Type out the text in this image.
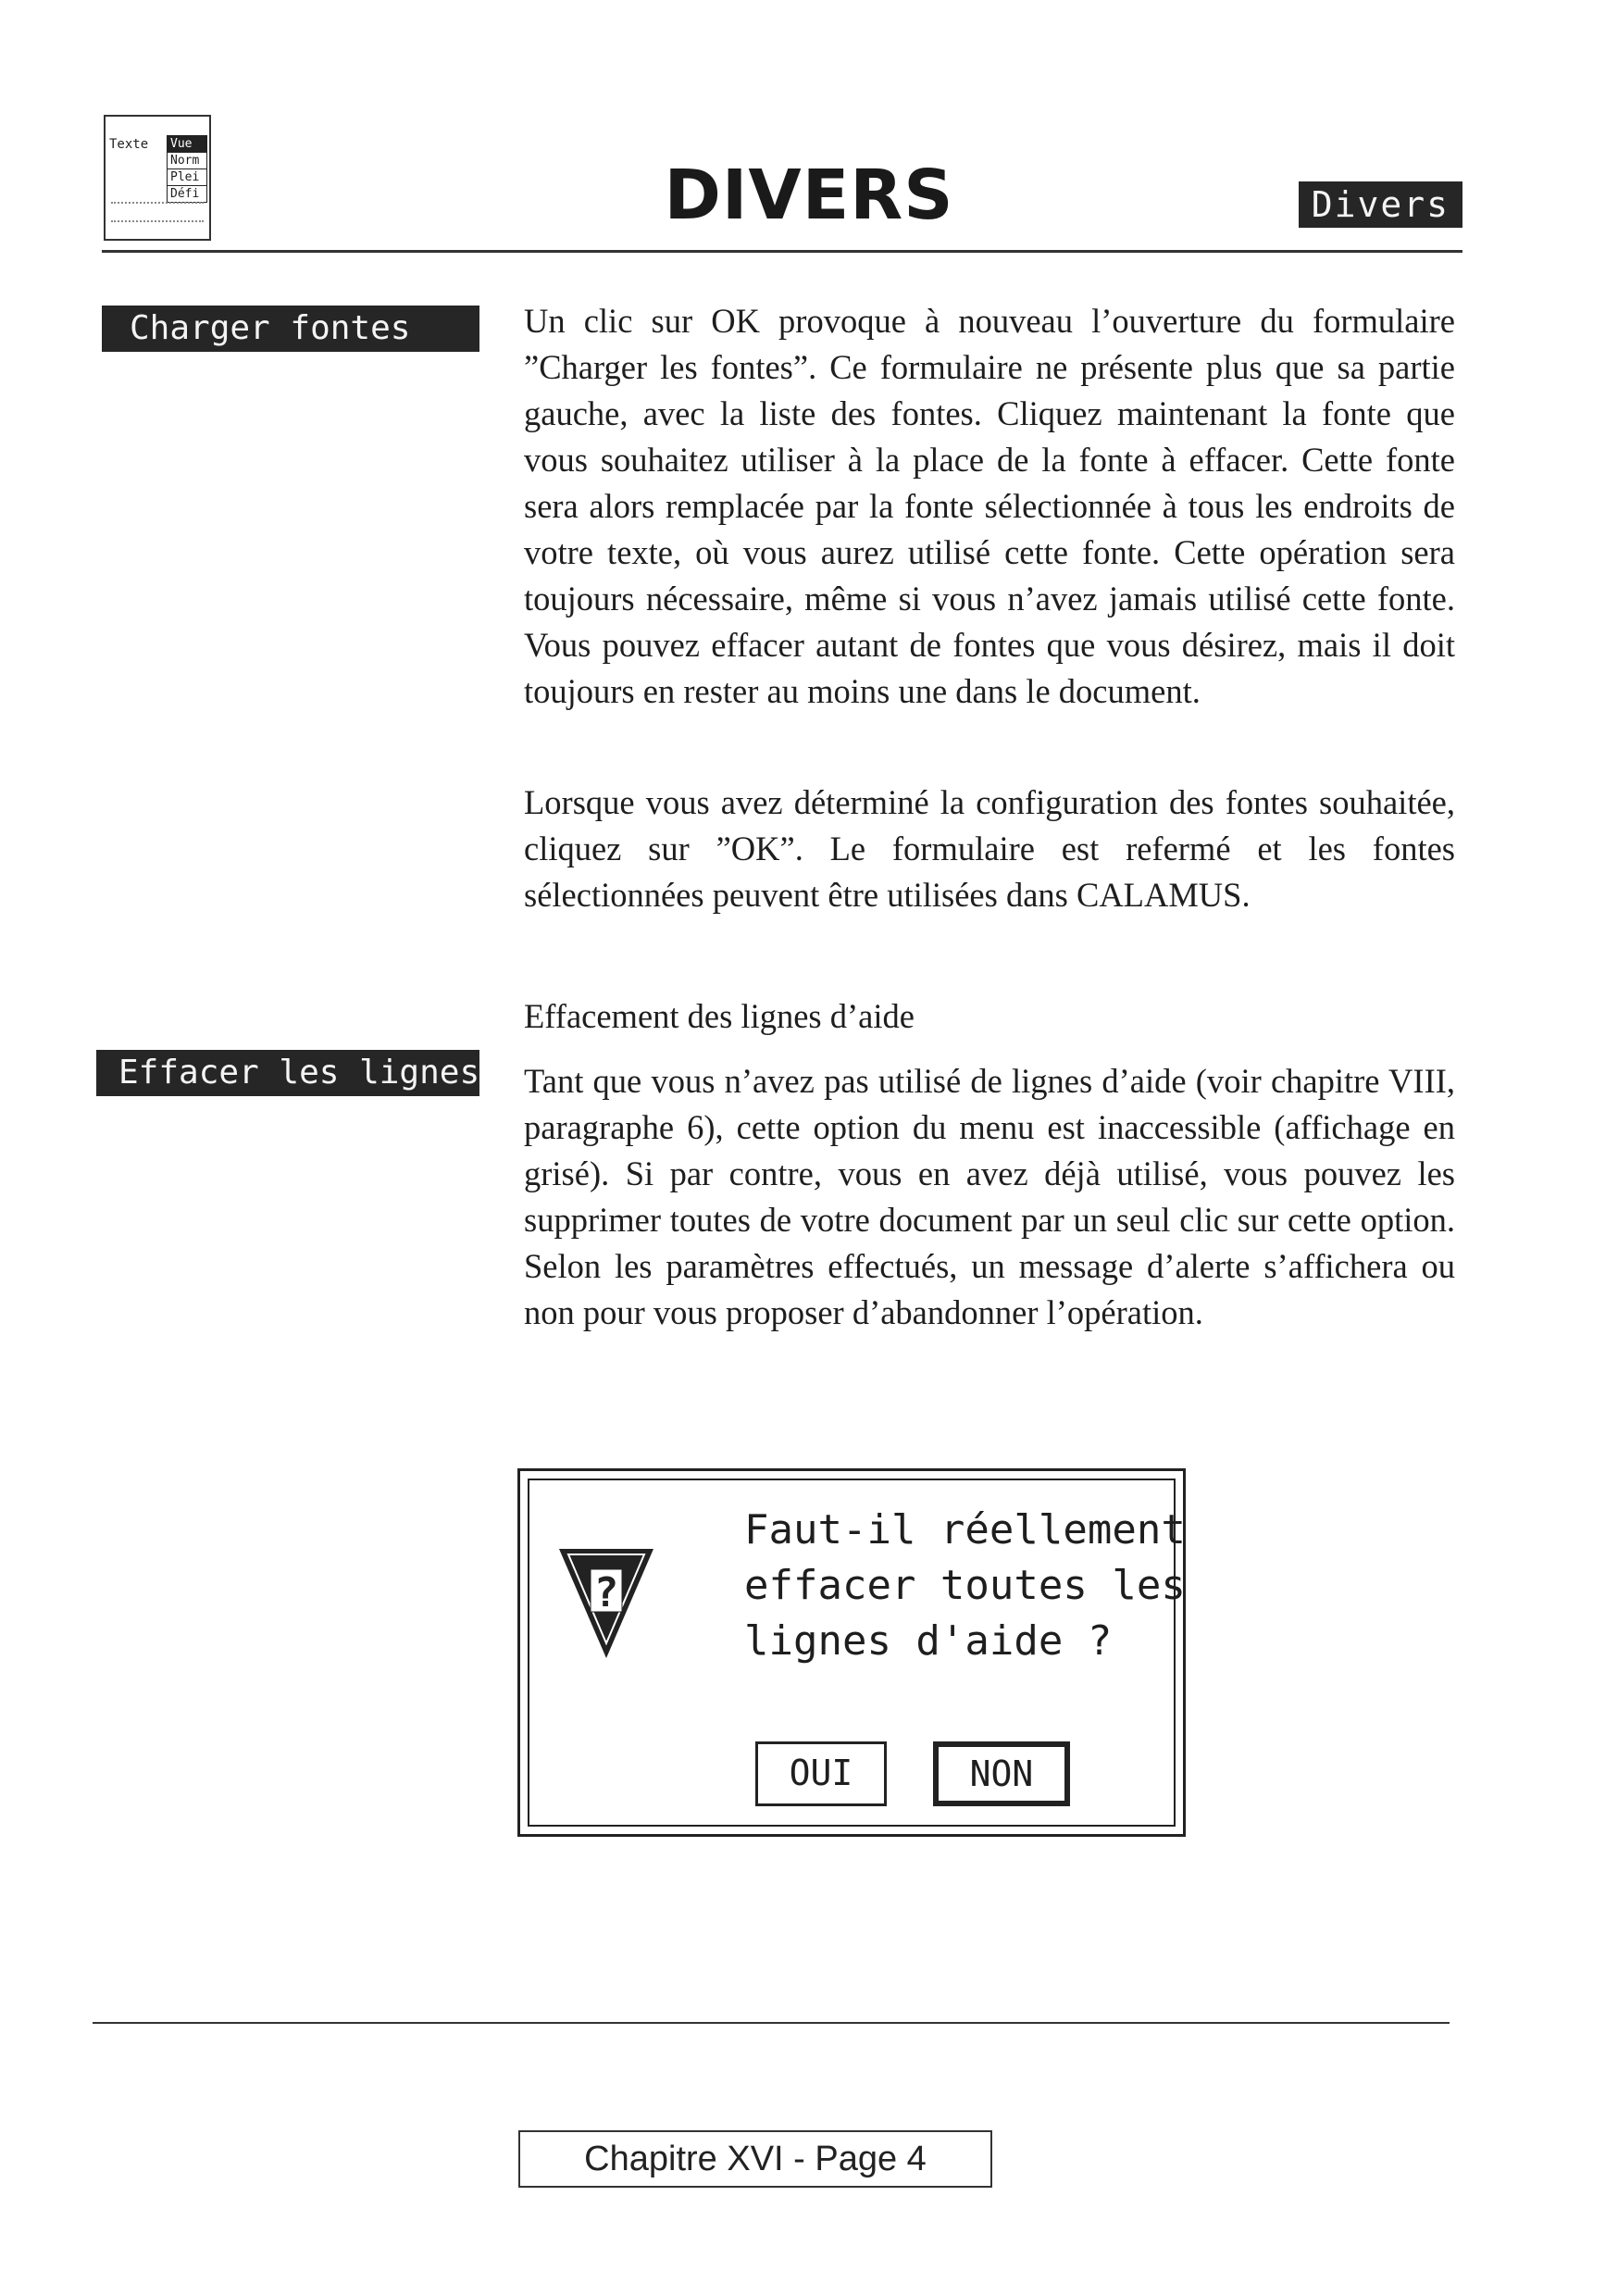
Texte	Vue
Norm
Plei
Défi	DIVERS	Divers
Charger fontes	Un clic sur OK provoque à nouveau l’ouverture du formulaire ”Charger les fontes”. Ce formulaire ne présente plus que sa partie gauche, avec la liste des fontes. Cliquez maintenant la fonte que vous souhaitez utiliser à la place de la fonte à effacer. Cette fonte sera alors remplacée par la fonte sélectionnée à tous les endroits de votre texte, où vous aurez utilisé cette fonte. Cette opération sera toujours nécessaire, même si vous n’avez jamais utilisé cette fonte. Vous pouvez effacer autant de fontes que vous désirez, mais il doit toujours en rester au moins une dans le document.

Lorsque vous avez déterminé la configuration des fontes souhaitée, cliquez sur ”OK”. Le formulaire est refermé et les fontes sélectionnées peuvent être utilisées dans CALAMUS.

Effacement des lignes d’aide
Effacer les lignes Tant que vous n’avez pas utilisé de lignes d’aide (voir chapitre VIII, paragraphe 6), cette option du menu est inaccessible (affichage en grisé). Si par contre, vous en avez déjà utilisé, vous pouvez les supprimer toutes de votre document par un seul clic sur cette option. Selon les paramètres effectués, un message d’alerte s’affichera ou non pour vous proposer d’abandonner l’opération.

?
Faut-il réellement
effacer toutes les
lignes d'aide ?
OUI	NON
Chapitre XVI - Page 4
